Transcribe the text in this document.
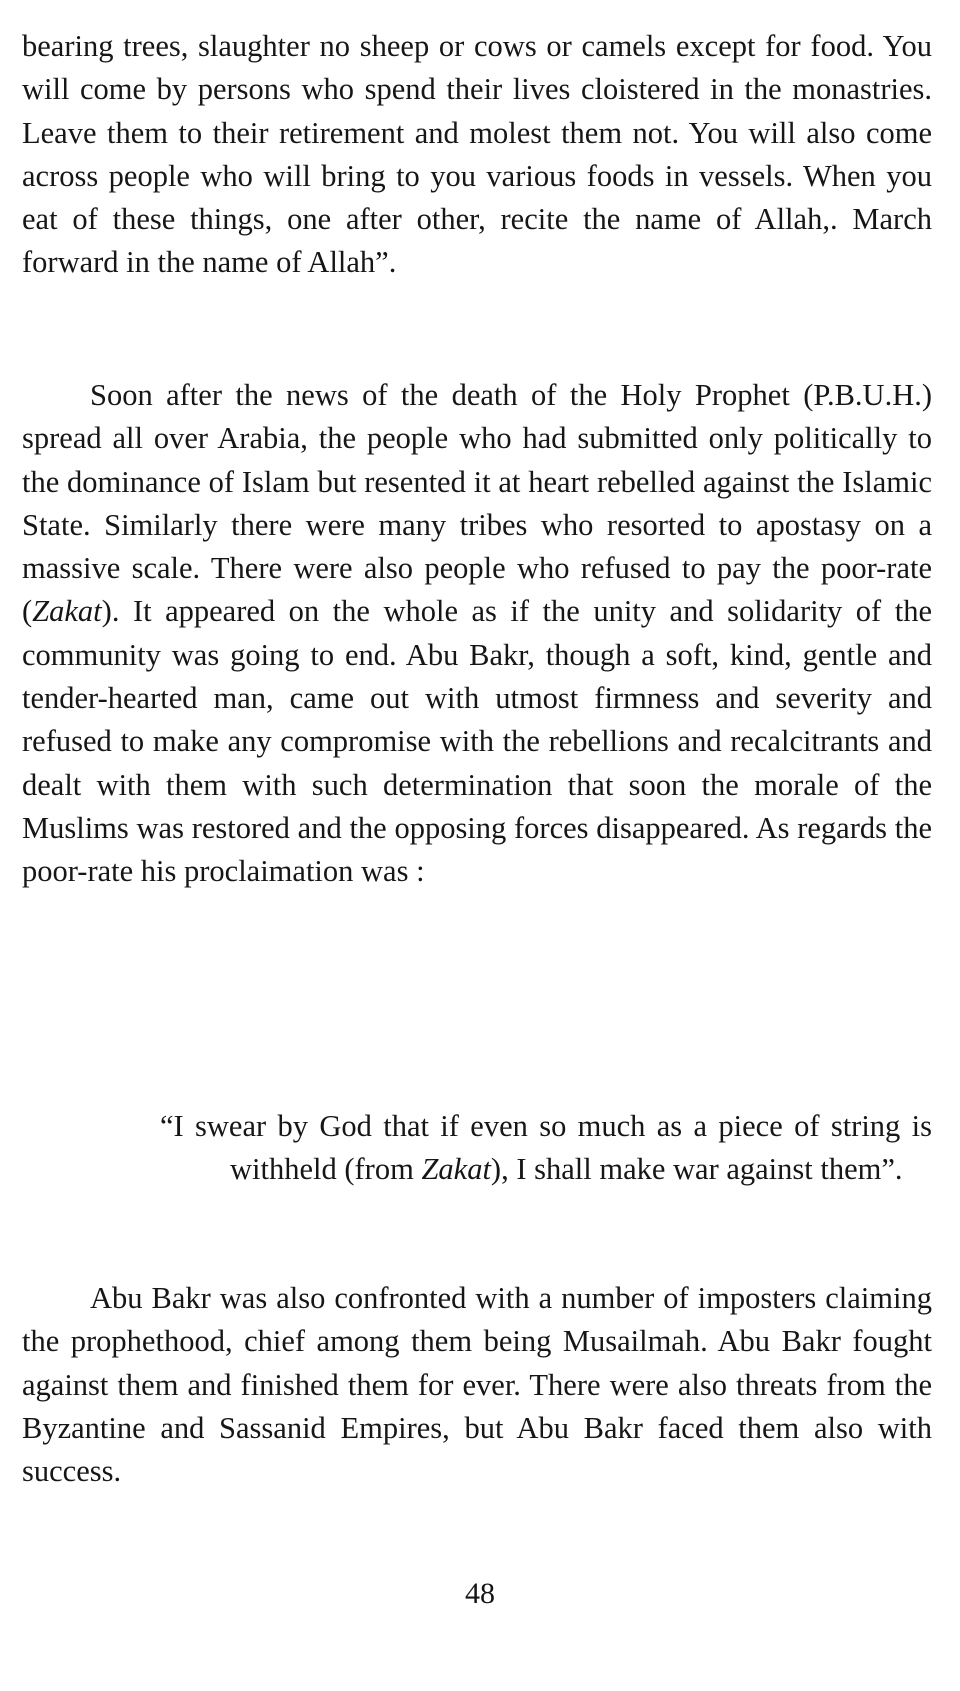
bearing trees, slaughter no sheep or cows or camels except for food. You will come by persons who spend their lives cloistered in the monastries. Leave them to their retirement and molest them not. You will also come across people who will bring to you various foods in vessels. When you eat of these things, one after other, recite the name of Allah,. March forward in the name of Allah”.

Soon after the news of the death of the Holy Prophet (P.B.U.H.) spread all over Arabia, the people who had submitted only politically to the dominance of Islam but resented it at heart rebelled against the Islamic State. Similarly there were many tribes who resorted to apostasy on a massive scale. There were also people who refused to pay the poor-rate (Zakat). It appeared on the whole as if the unity and solidarity of the community was going to end. Abu Bakr, though a soft, kind, gentle and tender-hearted man, came out with utmost firmness and severity and refused to make any compromise with the rebellions and recalcitrants and dealt with them with such determination that soon the morale of the Muslims was restored and the opposing forces disappeared. As regards the poor-rate his proclaimation was :

“I swear by God that if even so much as a piece of string is withheld (from Zakat), I shall make war against them”.

Abu Bakr was also confronted with a number of imposters claiming the prophethood, chief among them being Musailmah. Abu Bakr fought against them and finished them for ever. There were also threats from the Byzantine and Sassanid Empires, but Abu Bakr faced them also with success.

48
